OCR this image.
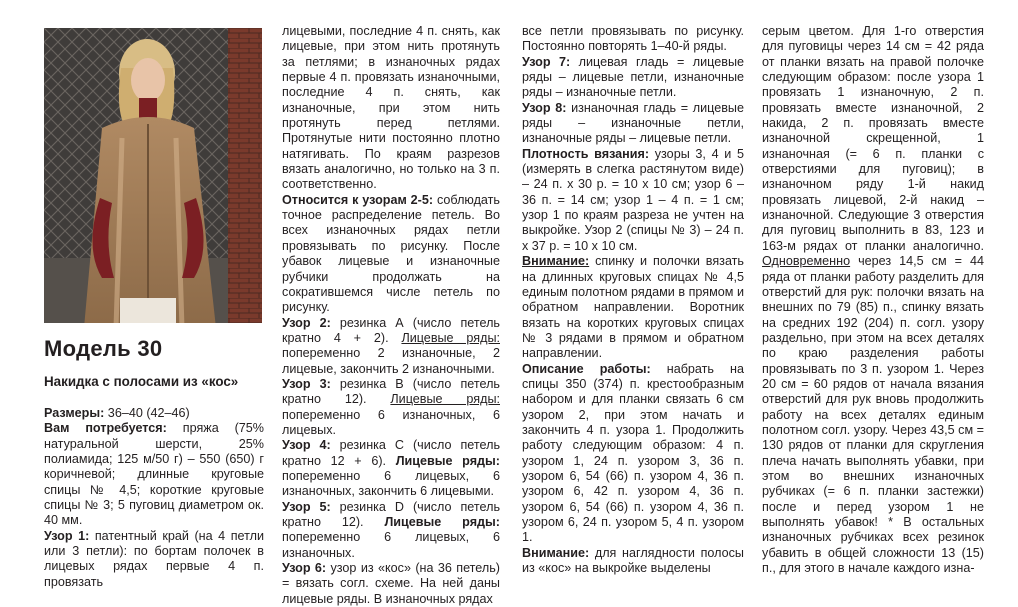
Модель 30
Накидка с полосами из «кос»

Размеры: 36–40 (42–46)

Вам потребуется: пряжа (75% натуральной шерсти, 25% полиамида; 125 м/50 г) – 550 (650) г коричневой; длинные круговые спицы № 4,5; короткие круговые спицы № 3; 5 пуговиц диаметром ок. 40 мм.

Узор 1: патентный край (на 4 петли или 3 петли): по бортам полочек в лицевых рядах первые 4 п. провязать

лицевыми, последние 4 п. снять, как лицевые, при этом нить протянуть за петлями; в изнаночных рядах первые 4 п. провязать изнаночными, последние 4 п. снять, как изнаночные, при этом нить протянуть перед петлями. Протянутые нити постоянно плотно натягивать. По краям разрезов вязать аналогично, но только на 3 п. соответственно.

Относится к узорам 2-5: соблюдать точное распределение петель. Во всех изнаночных рядах петли провязывать по рисунку. После убавок лицевые и изнаночные рубчики продолжать на сократившемся числе петель по рисунку.

Узор 2: резинка А (число петель кратно 4 + 2). Лицевые ряды: попеременно 2 изнаночные, 2 лицевые, закончить 2 изнаночными.

Узор 3: резинка B (число петель кратно 12). Лицевые ряды: попеременно 6 изнаночных, 6 лицевых.

Узор 4: резинка С (число петель кратно 12 + 6). Лицевые ряды: попеременно 6 лицевых, 6 изнаночных, закончить 6 лицевыми.

Узор 5: резинка D (число петель кратно 12). Лицевые ряды: попеременно 6 лицевых, 6 изнаночных.

Узор 6: узор из «кос» (на 36 петель) = вязать согл. схеме. На ней даны лицевые ряды. В изнаночных рядах

все петли провязывать по рисунку. Постоянно повторять 1–40-й ряды.

Узор 7: лицевая гладь = лицевые ряды – лицевые петли, изнаночные ряды – изнаночные петли.

Узор 8: изнаночная гладь = лицевые ряды – изнаночные петли, изнаночные ряды – лицевые петли.

Плотность вязания: узоры 3, 4 и 5 (измерять в слегка растянутом виде) – 24 п. х 30 р. = 10 х 10 см; узор 6 – 36 п. = 14 см; узор 1 – 4 п. = 1 см; узор 1 по краям разреза не учтен на выкройке. Узор 2 (спицы № 3) – 24 п. х 37 р. = 10 х 10 см.

Внимание: спинку и полочки вязать на длинных круговых спицах № 4,5 единым полотном рядами в прямом и обратном направлении. Воротник вязать на коротких круговых спицах № 3 рядами в прямом и обратном направлении.

Описание работы: набрать на спицы 350 (374) п. крестообразным набором и для планки связать 6 см узором 2, при этом начать и закончить 4 п. узора 1. Продолжить работу следующим образом: 4 п. узором 1, 24 п. узором 3, 36 п. узором 6, 54 (66) п. узором 4, 36 п. узором 6, 42 п. узором 4, 36 п. узором 6, 54 (66) п. узором 4, 36 п. узором 6, 24 п. узором 5, 4 п. узором 1.

Внимание: для наглядности полосы из «кос» на выкройке выделены

серым цветом. Для 1-го отверстия для пуговицы через 14 см = 42 ряда от планки вязать на правой полочке следующим образом: после узора 1 провязать 1 изнаночную, 2 п. провязать вместе изнаночной, 2 накида, 2 п. провязать вместе изнаночной скрещенной, 1 изнаночная (= 6 п. планки с отверстиями для пуговиц); в изнаночном ряду 1-й накид провязать лицевой, 2-й накид – изнаночной. Следующие 3 отверстия для пуговиц выполнить в 83, 123 и 163-м рядах от планки аналогично. Одновременно через 14,5 см = 44 ряда от планки работу разделить для отверстий для рук: полочки вязать на внешних по 79 (85) п., спинку вязать на средних 192 (204) п. согл. узору раздельно, при этом на всех деталях по краю разделения работы провязывать по 3 п. узором 1. Через 20 см = 60 рядов от начала вязания отверстий для рук вновь продолжить работу на всех деталях единым полотном согл. узору. Через 43,5 см = 130 рядов от планки для скругления плеча начать выполнять убавки, при этом во внешних изнаночных рубчиках (= 6 п. планки застежки) после и перед узором 1 не выполнять убавок! * В остальных изнаночных рубчиках всех резинок убавить в общей сложности 13 (15) п., для этого в начале каждого изна-
